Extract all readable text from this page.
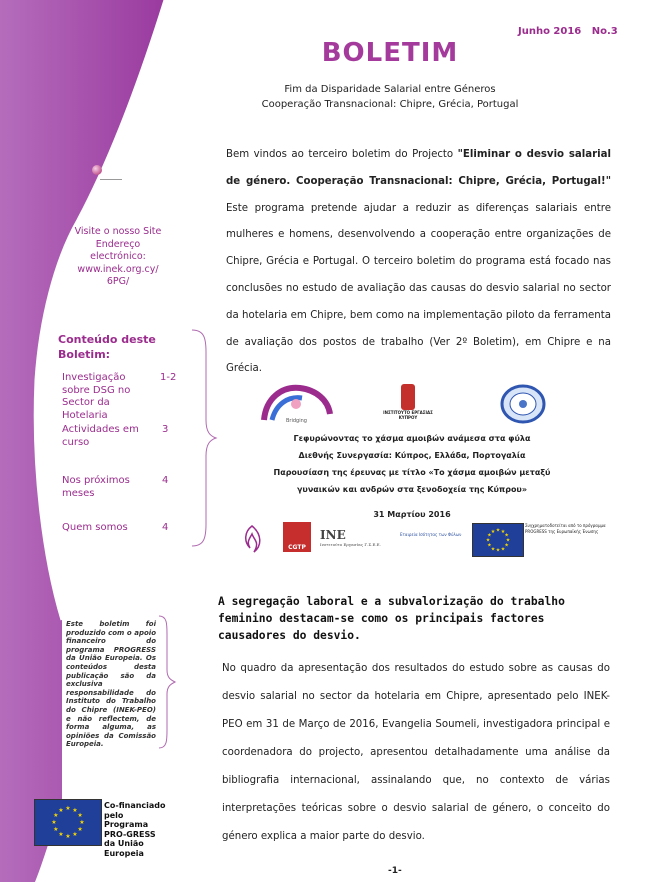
Visite o nosso Site Endereço electrónico: www.inek.org.cy/ 6PG/
Conteúdo deste Boletim:
Investigação sobre DSG no Sector da Hotelaria
1-2
Actividades em curso
3
Nos próximos meses
4
Quem somos	4
Este boletim foi produzido com o apoio financeiro do programa PROGRESS da União Europeia. Os conteúdos desta publicação são da exclusiva responsabilidade do Instituto do Trabalho do Chipre (INEK-PEO) e não reflectem, de forma alguma, as opiniões da Comissão Europeia.
★
★
★
★
★
★
★
★
★ ★ ★
★
Co-financiado pelo Programa PRO-GRESS da União Europeia
Junho 2016   No.3
BOLETIM
Fim da Disparidade Salarial entre Géneros
Cooperação Transnacional: Chipre, Grécia, Portugal
Bem vindos ao terceiro boletim do Projecto "Eliminar o desvio salarial de género. Cooperação Transnacional: Chipre, Grécia, Portugal!" Este programa pretende ajudar a reduzir as diferenças salariais entre mulheres e homens, desenvolvendo a cooperação entre organizações de Chipre, Grécia e Portugal. O terceiro boletim do programa está focado nas conclusões no estudo de avaliação das causas do desvio salarial no sector da hotelaria em Chipre, bem como na implementação piloto da ferramenta de avaliação dos postos de trabalho (Ver 2º Boletim), em Chipre e na Grécia.
Bridging
ΙΝΣΤΙΤΟΥΤΟ ΕΡΓΑΣΙΑΣ ΚΥΠΡΟΥ
Γεφυρώνοντας το χάσμα αμοιβών ανάμεσα στα φύλα
Διεθνής Συνεργασία: Κύπρος, Ελλάδα, Πορτογαλία
Παρουσίαση της έρευνας με τίτλο «Το χάσμα αμοιβών μεταξύ
γυναικών και ανδρών στα ξενοδοχεία της Κύπρου»
31 Μαρτίου 2016
CGTP
INE
Ινστιτούτο Εργασίας Γ.Σ.Ε.Ε.
Εταιρεία Ισότητας των Φύλων
★
★
★
★
★
★
★
★
★ ★ ★
★
Συγχρηματοδοτείται από το πρόγραμμα PROGRESS της Ευρωπαϊκής Ένωσης
A segregação laboral e a subvalorização do trabalho feminino destacam-se como os principais factores causadores do desvio.
No quadro da apresentação dos resultados do estudo sobre as causas do desvio salarial no sector da hotelaria em Chipre, apresentado pelo INEK-PEO em 31 de Março de 2016, Evangelia Soumeli, investigadora principal e coordenadora do projecto, apresentou detalhadamente uma análise da bibliografia internacional, assinalando que, no contexto de várias interpretações teóricas sobre o desvio salarial de género, o conceito do género explica a maior parte do desvio.
-1-
